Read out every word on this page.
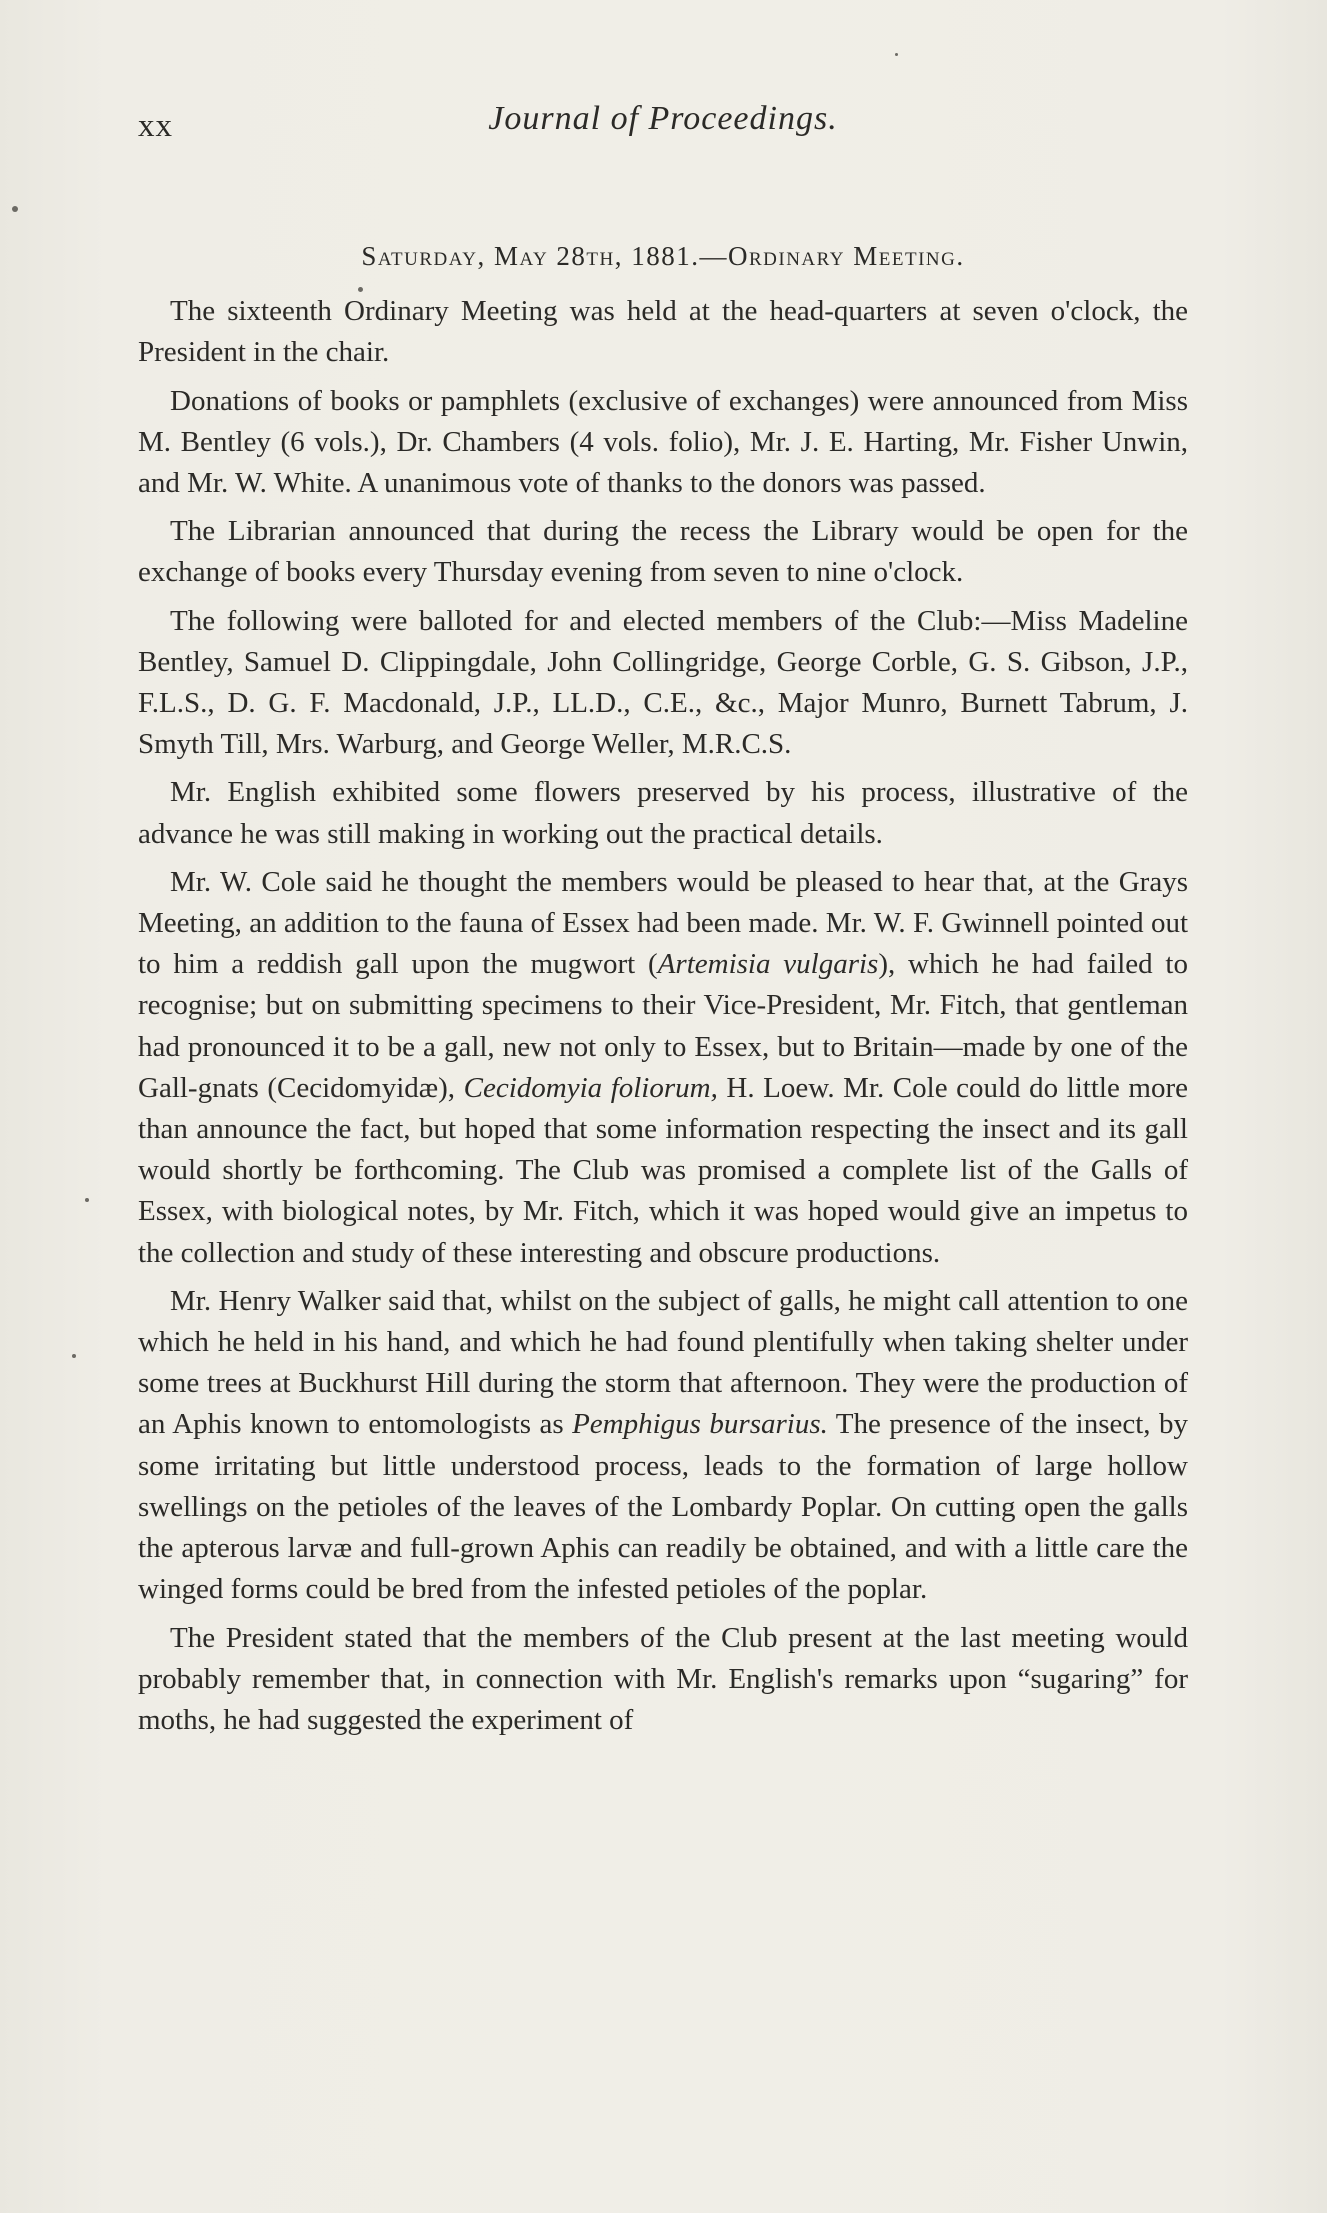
xx	Journal of Proceedings.
Saturday, May 28th, 1881.—Ordinary Meeting.

The sixteenth Ordinary Meeting was held at the head-quarters at seven o'clock, the President in the chair.

Donations of books or pamphlets (exclusive of exchanges) were announced from Miss M. Bentley (6 vols.), Dr. Chambers (4 vols. folio), Mr. J. E. Harting, Mr. Fisher Unwin, and Mr. W. White. A unanimous vote of thanks to the donors was passed.

The Librarian announced that during the recess the Library would be open for the exchange of books every Thursday evening from seven to nine o'clock.

The following were balloted for and elected members of the Club:—Miss Madeline Bentley, Samuel D. Clippingdale, John Collingridge, George Corble, G. S. Gibson, J.P., F.L.S., D. G. F. Macdonald, J.P., LL.D., C.E., &c., Major Munro, Burnett Tabrum, J. Smyth Till, Mrs. Warburg, and George Weller, M.R.C.S.

Mr. English exhibited some flowers preserved by his process, illustrative of the advance he was still making in working out the practical details.

Mr. W. Cole said he thought the members would be pleased to hear that, at the Grays Meeting, an addition to the fauna of Essex had been made. Mr. W. F. Gwinnell pointed out to him a reddish gall upon the mugwort (Artemisia vulgaris), which he had failed to recognise; but on submitting specimens to their Vice-President, Mr. Fitch, that gentleman had pronounced it to be a gall, new not only to Essex, but to Britain—made by one of the Gall-gnats (Cecidomyidæ), Cecidomyia foliorum, H. Loew. Mr. Cole could do little more than announce the fact, but hoped that some information respecting the insect and its gall would shortly be forthcoming. The Club was promised a complete list of the Galls of Essex, with biological notes, by Mr. Fitch, which it was hoped would give an impetus to the collection and study of these interesting and obscure productions.

Mr. Henry Walker said that, whilst on the subject of galls, he might call attention to one which he held in his hand, and which he had found plentifully when taking shelter under some trees at Buckhurst Hill during the storm that afternoon. They were the production of an Aphis known to entomologists as Pemphigus bursarius. The presence of the insect, by some irritating but little understood process, leads to the formation of large hollow swellings on the petioles of the leaves of the Lombardy Poplar. On cutting open the galls the apterous larvæ and full-grown Aphis can readily be obtained, and with a little care the winged forms could be bred from the infested petioles of the poplar.

The President stated that the members of the Club present at the last meeting would probably remember that, in connection with Mr. English's remarks upon “sugaring” for moths, he had suggested the experiment of
